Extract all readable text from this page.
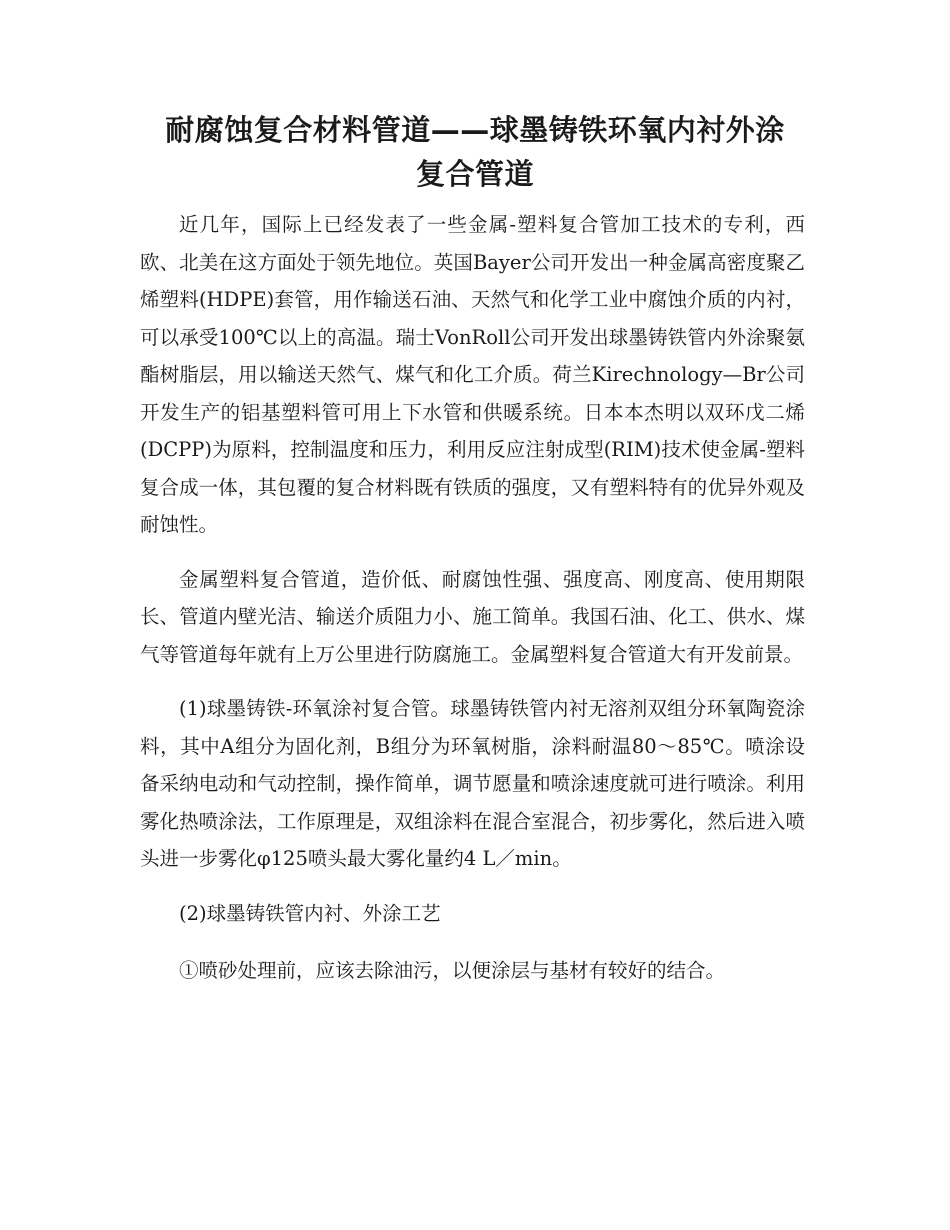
耐腐蚀复合材料管道——球墨铸铁环氧内衬外涂
复合管道

近几年，国际上已经发表了一些金属-塑料复合管加工技术的专利，西欧、北美在这方面处于领先地位。英国Bayer公司开发出一种金属高密度聚乙烯塑料(HDPE)套管，用作输送石油、天然气和化学工业中腐蚀介质的内衬，可以承受100℃以上的高温。瑞士VonRoll公司开发出球墨铸铁管内外涂聚氨酯树脂层，用以输送天然气、煤气和化工介质。荷兰Kirechnology—Br公司开发生产的铝基塑料管可用上下水管和供暖系统。日本本杰明以双环戊二烯(DCPP)为原料，控制温度和压力，利用反应注射成型(RIM)技术使金属-塑料复合成一体，其包覆的复合材料既有铁质的强度，又有塑料特有的优异外观及耐蚀性。

金属塑料复合管道，造价低、耐腐蚀性强、强度高、刚度高、使用期限长、管道内壁光洁、输送介质阻力小、施工简单。我国石油、化工、供水、煤气等管道每年就有上万公里进行防腐施工。金属塑料复合管道大有开发前景。

(1)球墨铸铁-环氧涂衬复合管。球墨铸铁管内衬无溶剂双组分环氧陶瓷涂料，其中A组分为固化剂，B组分为环氧树脂，涂料耐温80～85℃。喷涂设备采纳电动和气动控制，操作简单，调节愿量和喷涂速度就可进行喷涂。利用雾化热喷涂法，工作原理是，双组涂料在混合室混合，初步雾化，然后进入喷头进一步雾化φ125喷头最大雾化量约4 L／min。

(2)球墨铸铁管内衬、外涂工艺

①喷砂处理前，应该去除油污，以便涂层与基材有较好的结合。
